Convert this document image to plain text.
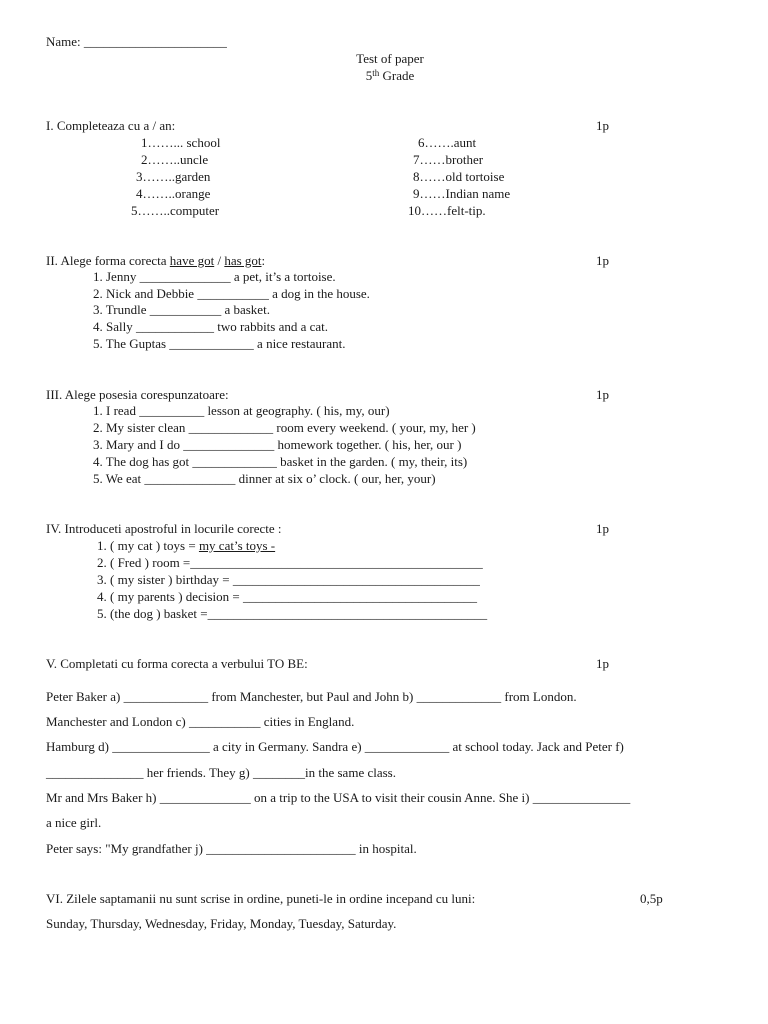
Name: ______________________
Test of paper
5th Grade
I. Completeaza cu a / an:	1p
1……... school
2……..uncle
3……..garden
4……..orange
5……..computer
6…….aunt
7……brother
8……old tortoise
9……Indian name
10……felt-tip.
II. Alege forma corecta have got / has got:	1p
1. Jenny ______________ a pet, it’s a tortoise.
2. Nick and Debbie ___________ a dog in the house.
3. Trundle ___________ a basket.
4. Sally ____________ two rabbits and a cat.
5. The Guptas _____________ a nice restaurant.
III. Alege posesia corespunzatoare:	1p
1. I read __________ lesson at geography. ( his, my, our)
2. My sister clean _____________ room every weekend. ( your, my, her )
3. Mary and I do ______________ homework together. ( his, her, our )
4. The dog has got _____________ basket in the garden. ( my, their, its)
5. We eat ______________ dinner at six o’ clock. ( our, her, your)
IV. Introduceti apostroful in locurile corecte :	1p
1. ( my cat ) toys = my cat’s toys -
2. ( Fred ) room =_____________________________________________
3. ( my sister ) birthday = ______________________________________
4. ( my parents ) decision = ____________________________________
5. (the dog ) basket =___________________________________________
V. Completati cu forma corecta a verbului TO BE:	1p
Peter Baker a) _____________ from Manchester, but Paul and John b) _____________ from London.
Manchester and London c) ___________ cities in England.
Hamburg d) _______________ a city in Germany. Sandra e) _____________ at school today. Jack and Peter f)
_______________ her friends. They g) ________in the same class.
Mr and Mrs Baker h) ______________ on a trip to the USA to visit their cousin Anne. She i) _______________
a nice girl.
Peter says: "My grandfather j) _______________________ in hospital.
VI. Zilele saptamanii nu sunt scrise in ordine, puneti-le in ordine incepand cu luni:	0,5p
Sunday, Thursday, Wednesday, Friday, Monday, Tuesday, Saturday.
